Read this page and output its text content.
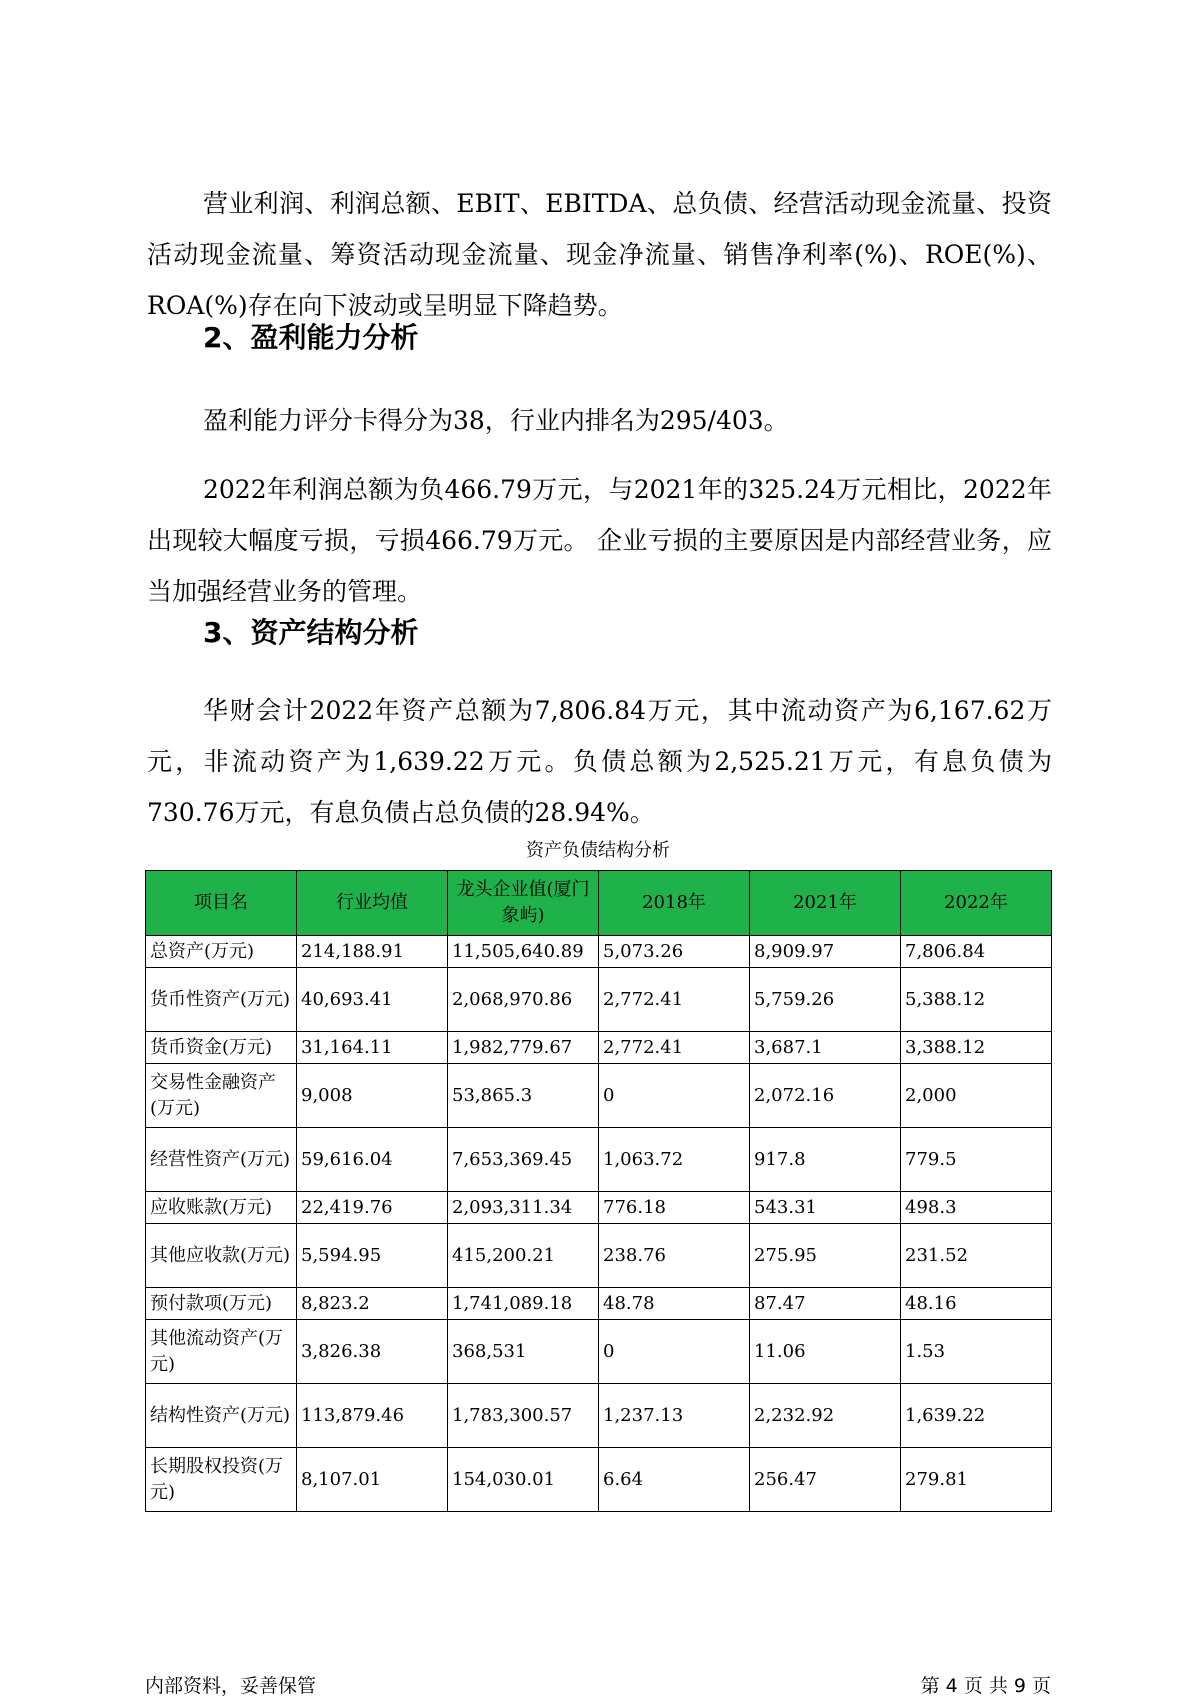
营业利润、利润总额、EBIT、EBITDA、总负债、经营活动现金流量、投资活动现金流量、筹资活动现金流量、现金净流量、销售净利率(%)、ROE(%)、ROA(%)存在向下波动或呈明显下降趋势。

2、盈利能力分析

盈利能力评分卡得分为38，行业内排名为295/403。

2022年利润总额为负466.79万元，与2021年的325.24万元相比，2022年出现较大幅度亏损，亏损466.79万元。 企业亏损的主要原因是内部经营业务，应当加强经营业务的管理。

3、资产结构分析

华财会计2022年资产总额为7,806.84万元，其中流动资产为6,167.62万元，非流动资产为1,639.22万元。负债总额为2,525.21万元，有息负债为730.76万元，有息负债占总负债的28.94%。

资产负债结构分析

项目名	行业均值	龙头企业值(厦门象屿)	2018年	2021年	2022年
总资产(万元)	214,188.91	11,505,640.89	5,073.26	8,909.97	7,806.84
货币性资产(万元)	40,693.41	2,068,970.86	2,772.41	5,759.26	5,388.12
货币资金(万元)	31,164.11	1,982,779.67	2,772.41	3,687.1	3,388.12
交易性金融资产(万元)	9,008	53,865.3	0	2,072.16	2,000
经营性资产(万元)	59,616.04	7,653,369.45	1,063.72	917.8	779.5
应收账款(万元)	22,419.76	2,093,311.34	776.18	543.31	498.3
其他应收款(万元)	5,594.95	415,200.21	238.76	275.95	231.52
预付款项(万元)	8,823.2	1,741,089.18	48.78	87.47	48.16
其他流动资产(万元)	3,826.38	368,531	0	11.06	1.53
结构性资产(万元)	113,879.46	1,783,300.57	1,237.13	2,232.92	1,639.22
长期股权投资(万元)	8,107.01	154,030.01	6.64	256.47	279.81

内部资料，妥善保管	第 4 页 共 9 页
